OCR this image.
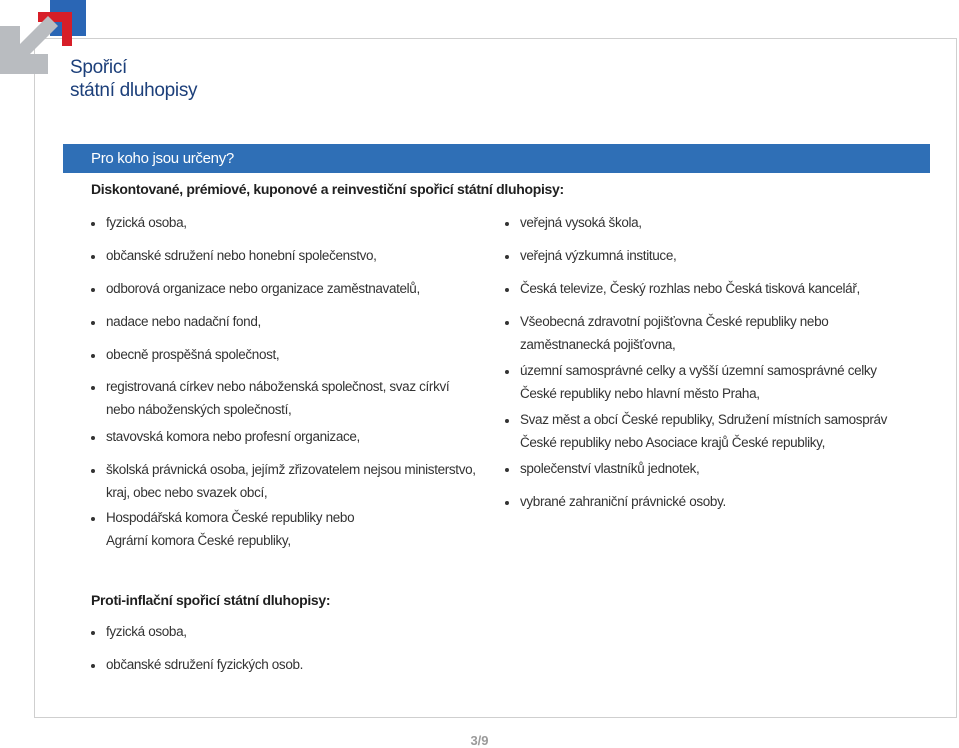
Spořicí
státní dluhopisy
Pro koho jsou určeny?
Diskontované, prémiové, kuponové a reinvestiční spořicí státní dluhopisy:
fyzická osoba,
občanské sdružení nebo honební společenstvo,
odborová organizace nebo organizace zaměstnavatelů,
nadace nebo nadační fond,
obecně prospěšná společnost,
registrovaná církev nebo náboženská společnost, svaz církví nebo náboženských společností,
stavovská komora nebo profesní organizace,
školská právnická osoba, jejímž zřizovatelem nejsou ministerstvo, kraj, obec nebo svazek obcí,
Hospodářská komora České republiky nebo Agrární komora České republiky,
veřejná vysoká škola,
veřejná výzkumná instituce,
Česká televize, Český rozhlas nebo Česká tisková kancelář,
Všeobecná zdravotní pojišťovna České republiky nebo zaměstnanecká pojišťovna,
územní samosprávné celky a vyšší územní samosprávné celky České republiky nebo hlavní město Praha,
Svaz měst a obcí České republiky, Sdružení místních samospráv České republiky nebo Asociace krajů České republiky,
společenství vlastníků jednotek,
vybrané zahraniční právnické osoby.
Proti-inflační spořicí státní dluhopisy:
fyzická osoba,
občanské sdružení fyzických osob.
3/9
